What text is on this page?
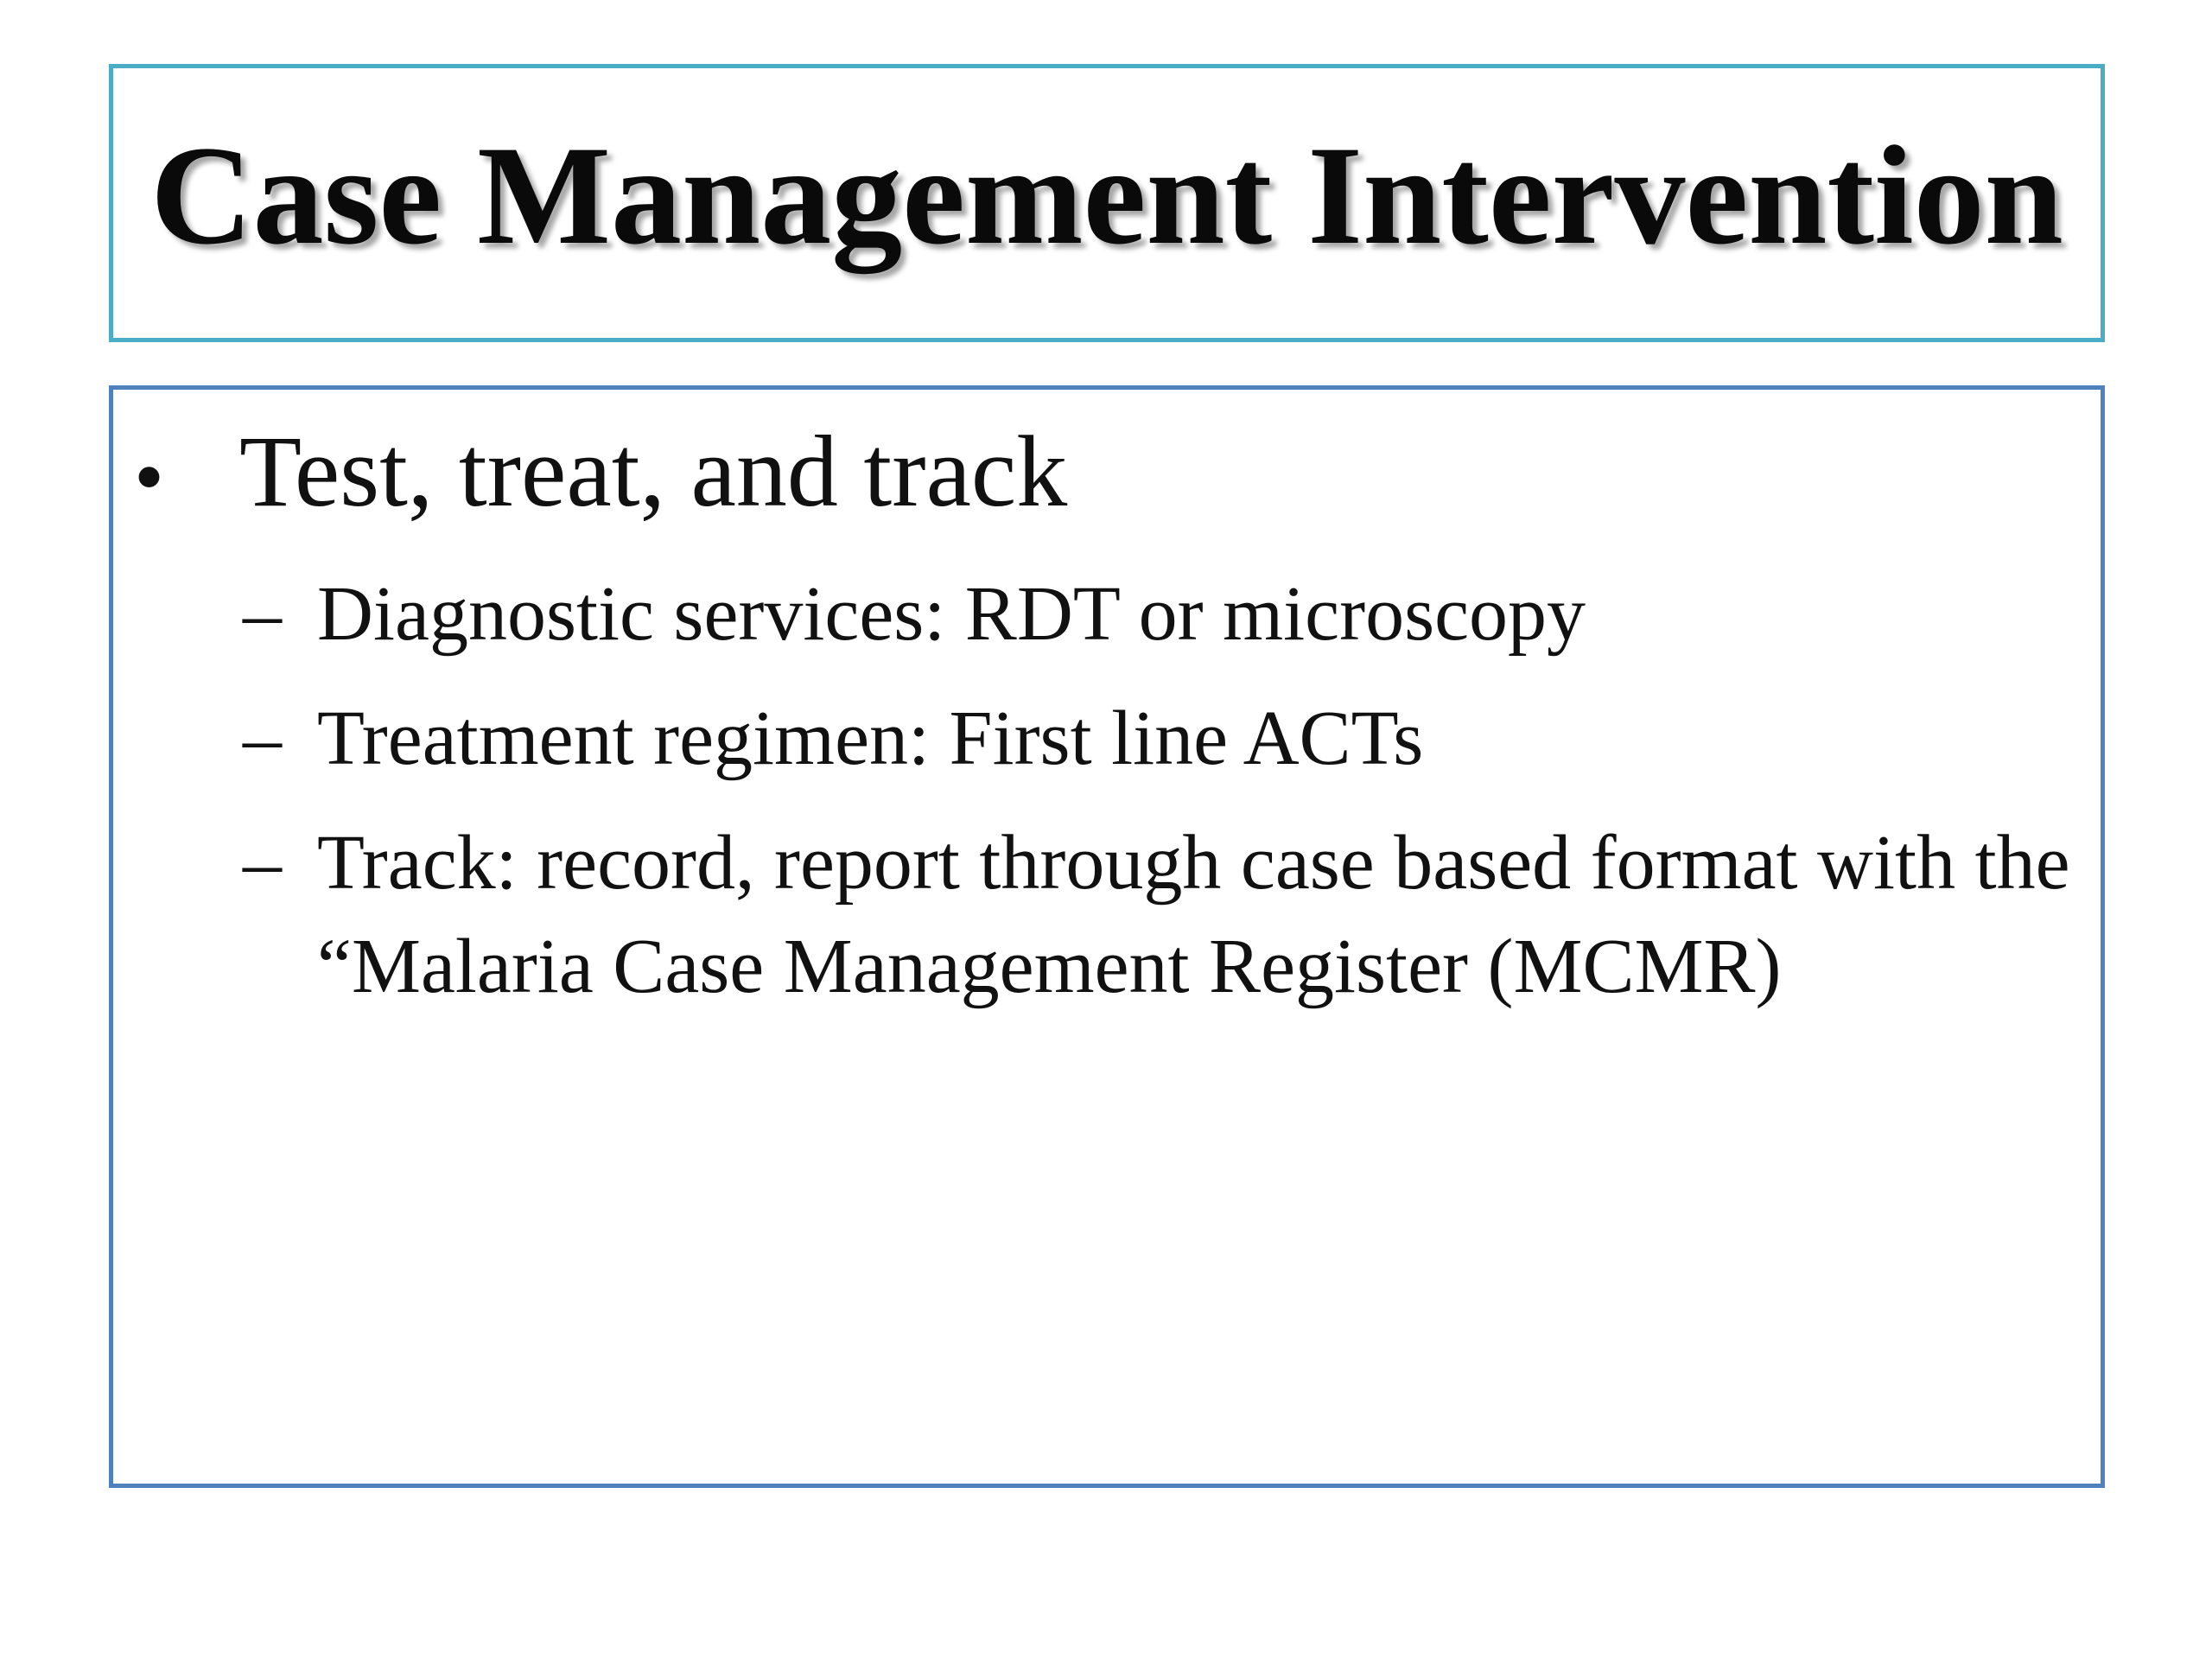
Case Management Intervention
• Test, treat, and track
– Diagnostic services: RDT or microscopy
– Treatment regimen: First line ACTs
– Track: record, report through case based format with the “Malaria Case Management Register (MCMR)
